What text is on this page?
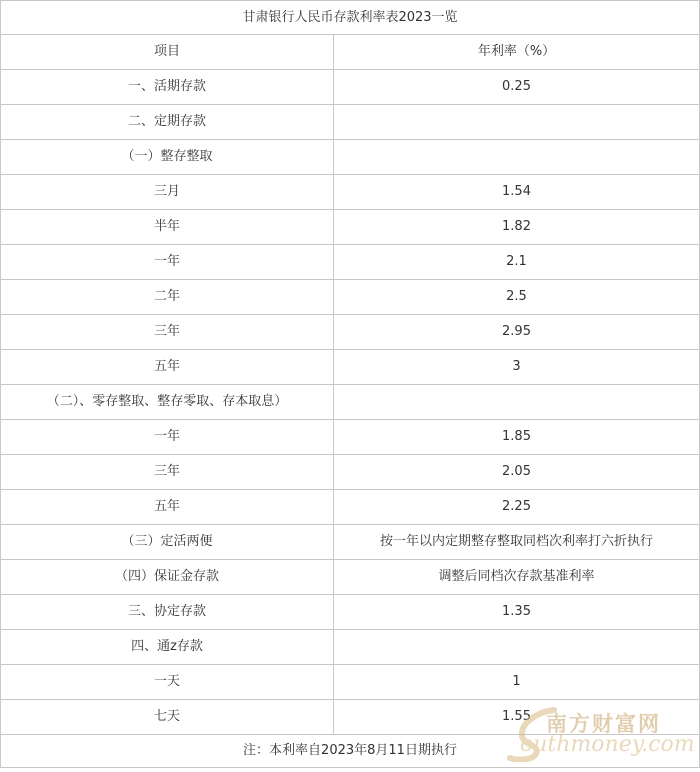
甘肃银行人民币存款利率表2023一览	
项目	年利率（%）
一、活期存款	0.25
二、定期存款	
（一）整存整取	
三月	1.54
半年	1.82
一年	2.1
二年	2.5
三年	2.95
五年	3
（二）、零存整取、整存零取、存本取息）	
一年	1.85
三年	2.05
五年	2.25
（三）定活两便	按一年以内定期整存整取同档次利率打六折执行
（四）保证金存款	调整后同档次存款基准利率
三、协定存款	1.35
四、通z存款	
一天	1
七天	1.55
注：本利率自2023年8月11日期执行	
南方财富网
outhmoney.com
